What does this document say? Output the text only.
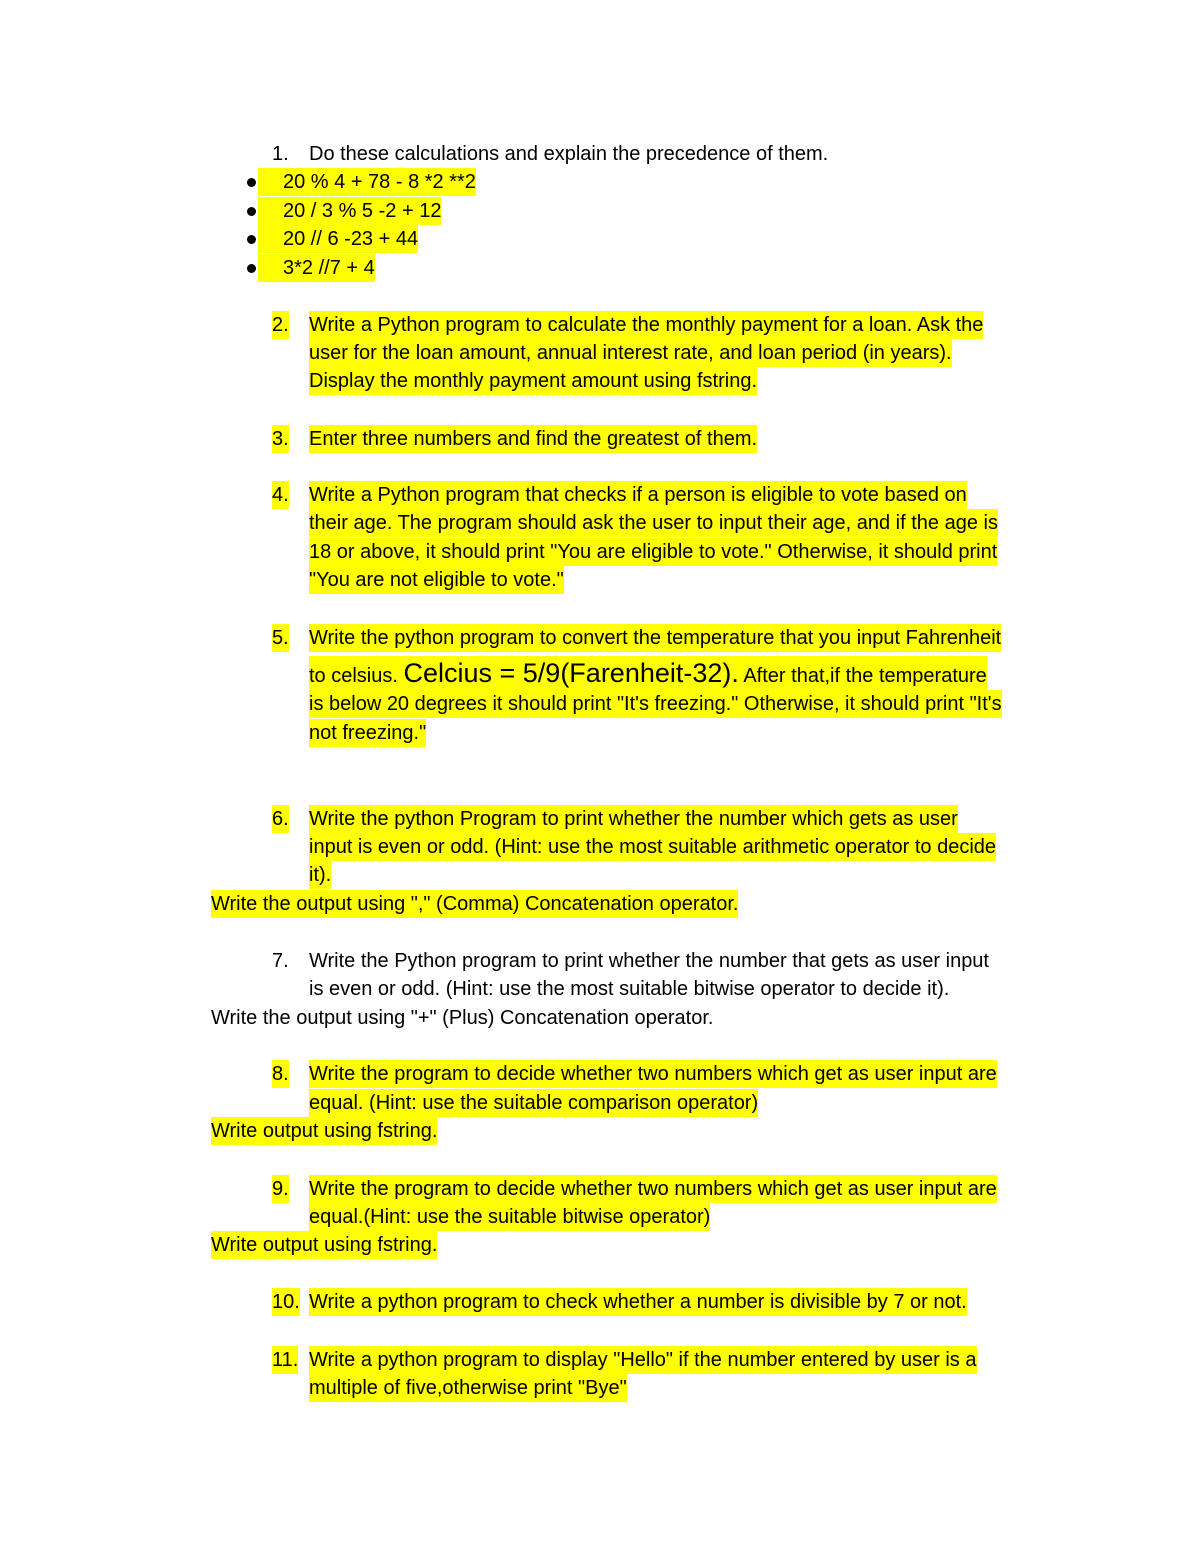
1. Do these calculations and explain the precedence of them.
20 % 4 + 78 - 8 *2 **2
20 / 3 % 5 -2 + 12
20 // 6 -23 + 44
3*2 //7 + 4
2. Write a Python program to calculate the monthly payment for a loan. Ask the
user for the loan amount, annual interest rate, and loan period (in years).
Display the monthly payment amount using fstring.
3. Enter three numbers and find the greatest of them.
4. Write a Python program that checks if a person is eligible to vote based on
their age. The program should ask the user to input their age, and if the age is
18 or above, it should print "You are eligible to vote." Otherwise, it should print
"You are not eligible to vote."
5. Write the python program to convert the temperature that you input Fahrenheit
to celsius. Celcius = 5/9(Farenheit-32). After that,if the temperature
is below 20 degrees it should print "It's freezing." Otherwise, it should print "It's
not freezing."
6. Write the python Program to print whether the number which gets as user
input is even or odd. (Hint: use the most suitable arithmetic operator to decide
it).
Write the output using "," (Comma) Concatenation operator.
7. Write the Python program to print whether the number that gets as user input
is even or odd. (Hint: use the most suitable bitwise operator to decide it).
Write the output using "+" (Plus) Concatenation operator.
8. Write the program to decide whether two numbers which get as user input are
equal. (Hint: use the suitable comparison operator)
Write output using fstring.
9. Write the program to decide whether two numbers which get as user input are
equal.(Hint: use the suitable bitwise operator)
Write output using fstring.
10. Write a python program to check whether a number is divisible by 7 or not.
11. Write a python program to display "Hello" if the number entered by user is a
multiple of five,otherwise print "Bye"
